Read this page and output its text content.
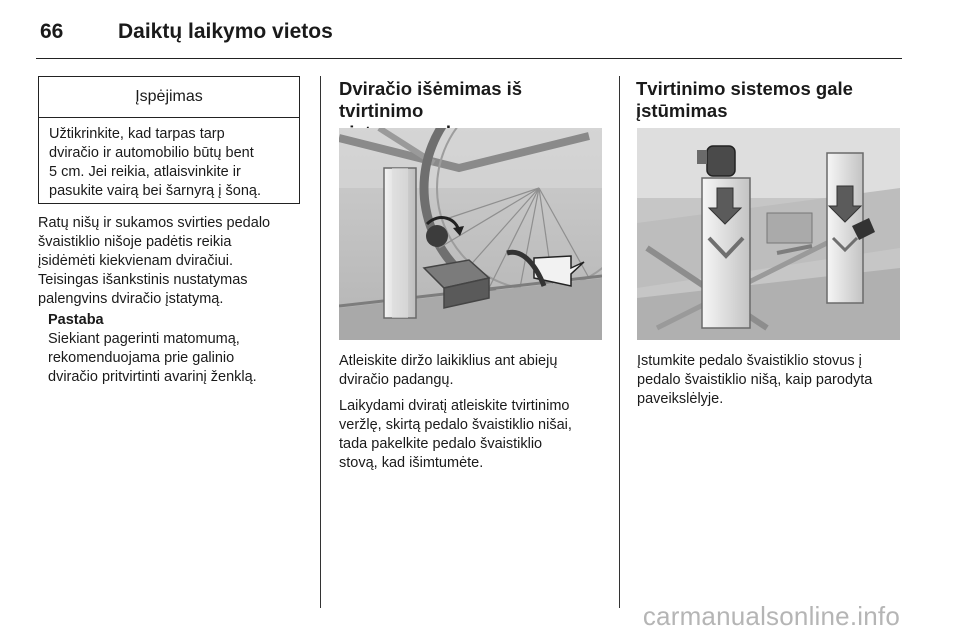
66	Daiktų laikymo vietos
Įspėjimas
Užtikrinkite, kad tarpas tarp
dviračio ir automobilio būtų bent
5 cm. Jei reikia, atlaisvinkite ir
pasukite vairą bei šarnyrą į šoną.
Ratų nišų ir sukamos svirties pedalo
švaistiklio nišoje padėtis reikia
įsidėmėti kiekvienam dviračiui.
Teisingas išankstinis nustatymas
palengvins dviračio įstatymą.
Pastaba
Siekiant pagerinti matomumą,
rekomenduojama prie galinio
dviračio pritvirtinti avarinį ženklą.
Dviračio išėmimas iš tvirtinimo

Atleiskite diržo laikiklius ant abiejų
dviračio padangų.

Laikydami dviratį atleiskite tvirtinimo
veržlę, skirtą pedalo švaistiklio nišai,
tada pakelkite pedalo švaistiklio
stovą, kad išimtumėte.

Tvirtinimo sistemos gale
įstūmimas
Įstumkite pedalo švaistiklio stovus į
pedalo švaistiklio nišą, kaip parodyta
paveikslėlyje.
carmanualsonline.info
